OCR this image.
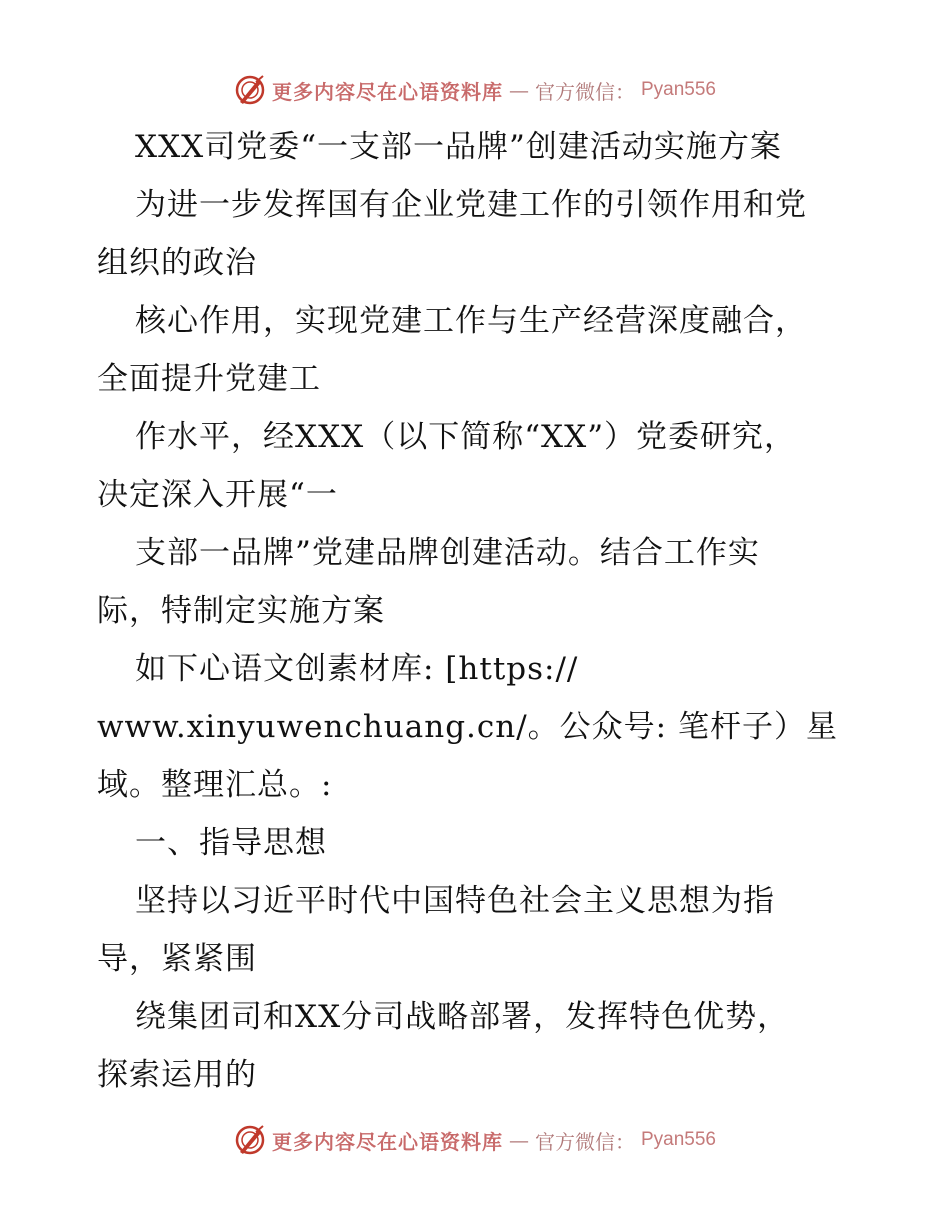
更多内容尽在心语资料库 — 官方微信： Pyan556
XXX司党委“一支部一品牌”创建活动实施方案
为进一步发挥国有企业党建工作的引领作用和党
组织的政治
核心作用，实现党建工作与生产经营深度融合，
全面提升党建工
作水平，经XXX（以下简称“XX”）党委研究，
决定深入开展“一
支部一品牌”党建品牌创建活动。结合工作实
际，特制定实施方案
如下心语文创素材库: [https://
www.xinyuwenchuang.cn/。公众号: 笔杆子）星
域。整理汇总。:
一、指导思想
坚持以习近平时代中国特色社会主义思想为指
导，紧紧围
绕集团司和XX分司战略部署，发挥特色优势，
探索运用的
更多内容尽在心语资料库 — 官方微信： Pyan556
